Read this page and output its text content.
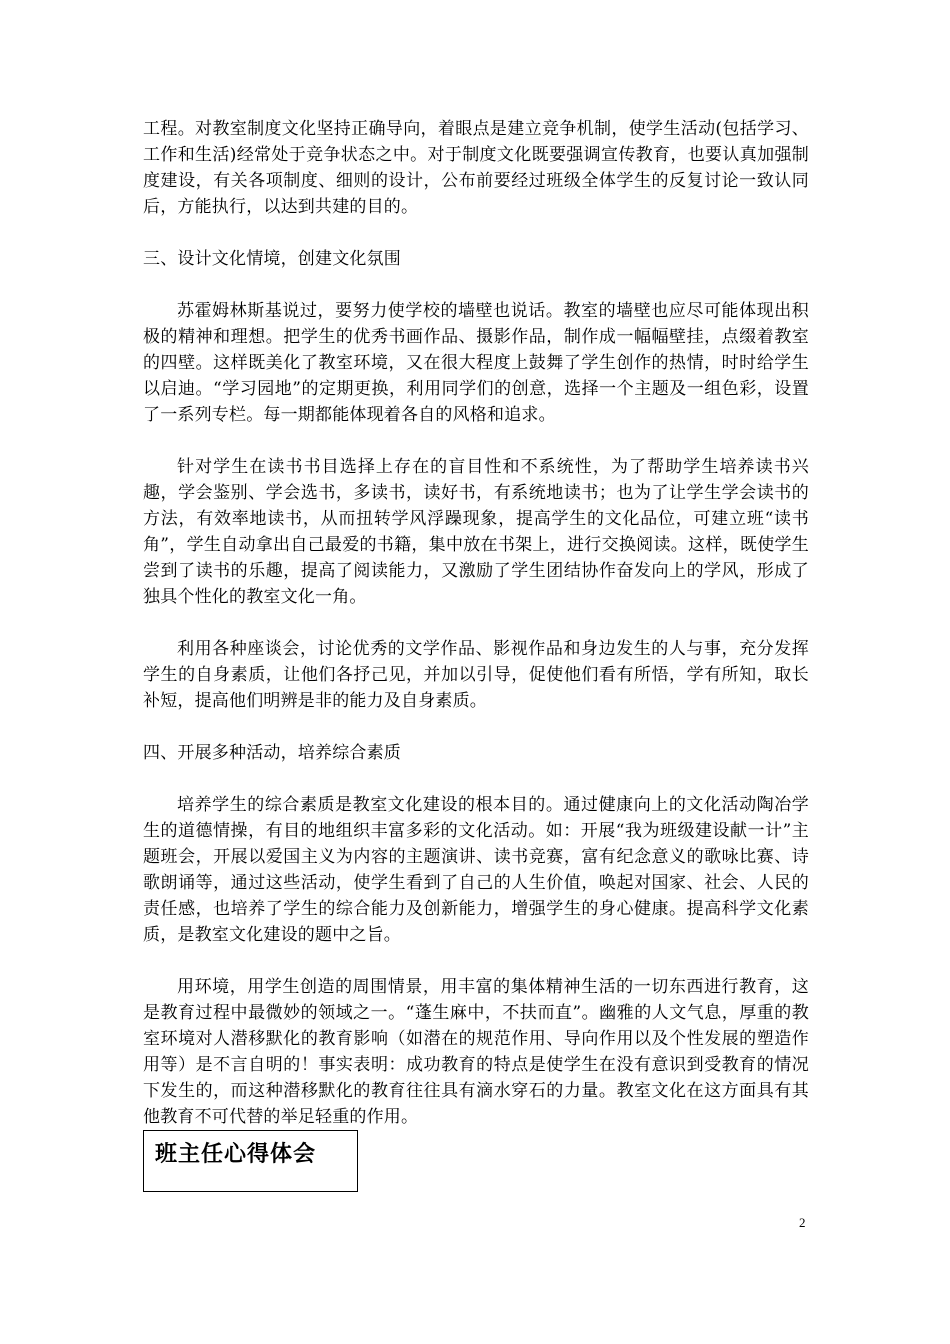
工程。对教室制度文化坚持正确导向，着眼点是建立竞争机制，使学生活动(包括学习、工作和生活)经常处于竞争状态之中。对于制度文化既要强调宣传教育，也要认真加强制度建设，有关各项制度、细则的设计，公布前要经过班级全体学生的反复讨论一致认同后，方能执行，以达到共建的目的。

三、设计文化情境，创建文化氛围

苏霍姆林斯基说过，要努力使学校的墙壁也说话。教室的墙壁也应尽可能体现出积极的精神和理想。把学生的优秀书画作品、摄影作品，制作成一幅幅壁挂，点缀着教室的四壁。这样既美化了教室环境，又在很大程度上鼓舞了学生创作的热情，时时给学生以启迪。“学习园地”的定期更换，利用同学们的创意，选择一个主题及一组色彩，设置了一系列专栏。每一期都能体现着各自的风格和追求。

针对学生在读书书目选择上存在的盲目性和不系统性，为了帮助学生培养读书兴趣，学会鉴别、学会选书，多读书，读好书，有系统地读书；也为了让学生学会读书的方法，有效率地读书，从而扭转学风浮躁现象，提高学生的文化品位，可建立班“读书角”，学生自动拿出自己最爱的书籍，集中放在书架上，进行交换阅读。这样，既使学生尝到了读书的乐趣，提高了阅读能力，又激励了学生团结协作奋发向上的学风，形成了独具个性化的教室文化一角。

利用各种座谈会，讨论优秀的文学作品、影视作品和身边发生的人与事，充分发挥学生的自身素质，让他们各抒己见，并加以引导，促使他们看有所悟，学有所知，取长补短，提高他们明辨是非的能力及自身素质。

四、开展多种活动，培养综合素质

培养学生的综合素质是教室文化建设的根本目的。通过健康向上的文化活动陶冶学生的道德情操，有目的地组织丰富多彩的文化活动。如：开展“我为班级建设献一计”主题班会，开展以爱国主义为内容的主题演讲、读书竞赛，富有纪念意义的歌咏比赛、诗歌朗诵等，通过这些活动，使学生看到了自己的人生价值，唤起对国家、社会、人民的责任感，也培养了学生的综合能力及创新能力，增强学生的身心健康。提高科学文化素质，是教室文化建设的题中之旨。

用环境，用学生创造的周围情景，用丰富的集体精神生活的一切东西进行教育，这是教育过程中最微妙的领域之一。“蓬生麻中，不扶而直”。幽雅的人文气息，厚重的教室环境对人潜移默化的教育影响（如潜在的规范作用、导向作用以及个性发展的塑造作用等）是不言自明的！事实表明：成功教育的特点是使学生在没有意识到受教育的情况下发生的，而这种潜移默化的教育往往具有滴水穿石的力量。教室文化在这方面具有其他教育不可代替的举足轻重的作用。

班主任心得体会
2
